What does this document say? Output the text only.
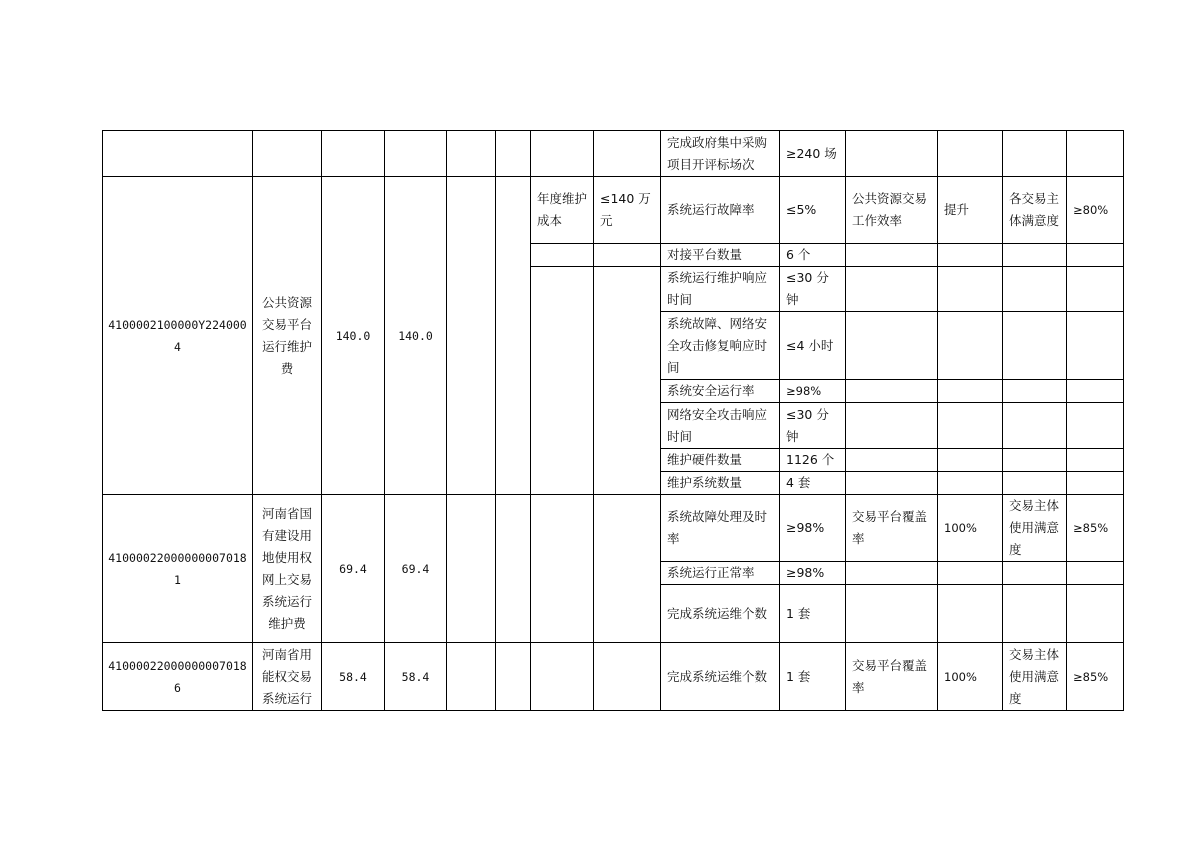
								完成政府集中采购项目开评标场次	≥240 场				
4100002100000Y2240004	公共资源交易平台运行维护费	140.0	140.0			年度维护成本	≤140 万元	系统运行故障率	≤5%	公共资源交易工作效率	提升	各交易主体满意度	≥80%
								对接平台数量	6 个				
								系统运行维护响应时间	≤30 分钟				
								系统故障、网络安全攻击修复响应时间	≤4 小时				
								系统安全运行率	≥98%				
								网络安全攻击响应时间	≤30 分钟				
								维护硬件数量	1126 个				
								维护系统数量	4 套				
410000220000000070181	河南省国有建设用地使用权网上交易系统运行维护费	69.4	69.4					系统故障处理及时率	≥98%	交易平台覆盖率	100%	交易主体使用满意度	≥85%
								系统运行正常率	≥98%				
								完成系统运维个数	1 套				
410000220000000070186	河南省用能权交易系统运行	58.4	58.4					完成系统运维个数	1 套	交易平台覆盖率	100%	交易主体使用满意度	≥85%
